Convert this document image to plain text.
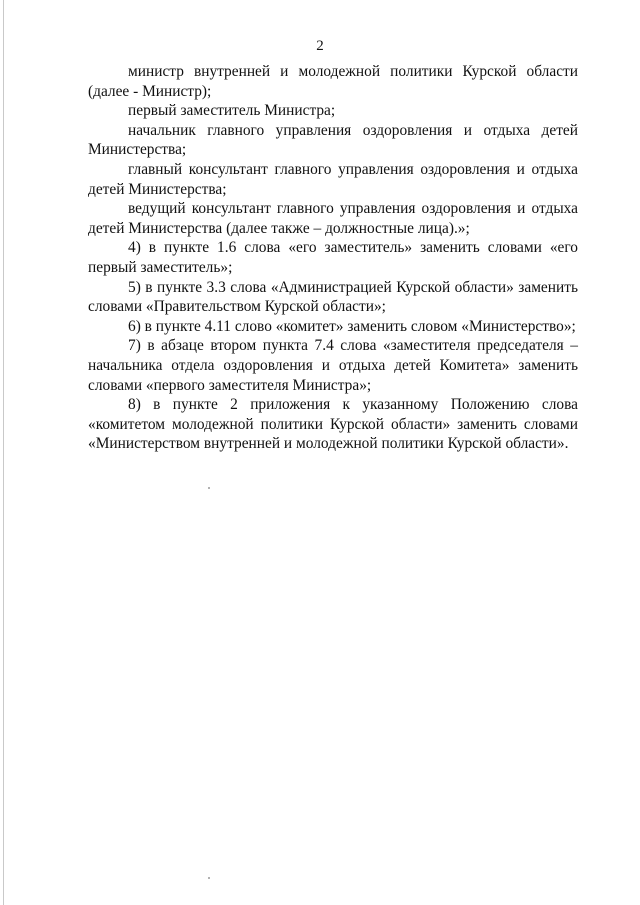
2

министр внутренней и молодежной политики Курской области (далее - Министр);

первый заместитель Министра;

начальник главного управления оздоровления и отдыха детей Министерства;

главный консультант главного управления оздоровления и отдыха детей Министерства;

ведущий консультант главного управления оздоровления и отдыха детей Министерства (далее также – должностные лица).»;

4) в пункте 1.6 слова «его заместитель» заменить словами «его первый заместитель»;

5) в пункте 3.3 слова «Администрацией Курской области» заменить словами «Правительством Курской области»;

6) в пункте 4.11 слово «комитет» заменить словом «Министерство»;

7) в абзаце втором пункта 7.4 слова «заместителя председателя – начальника отдела оздоровления и отдыха детей Комитета» заменить словами «первого заместителя Министра»;

8) в пункте 2 приложения к указанному Положению слова «комитетом молодежной политики Курской области» заменить словами «Министерством внутренней и молодежной политики Курской области».
